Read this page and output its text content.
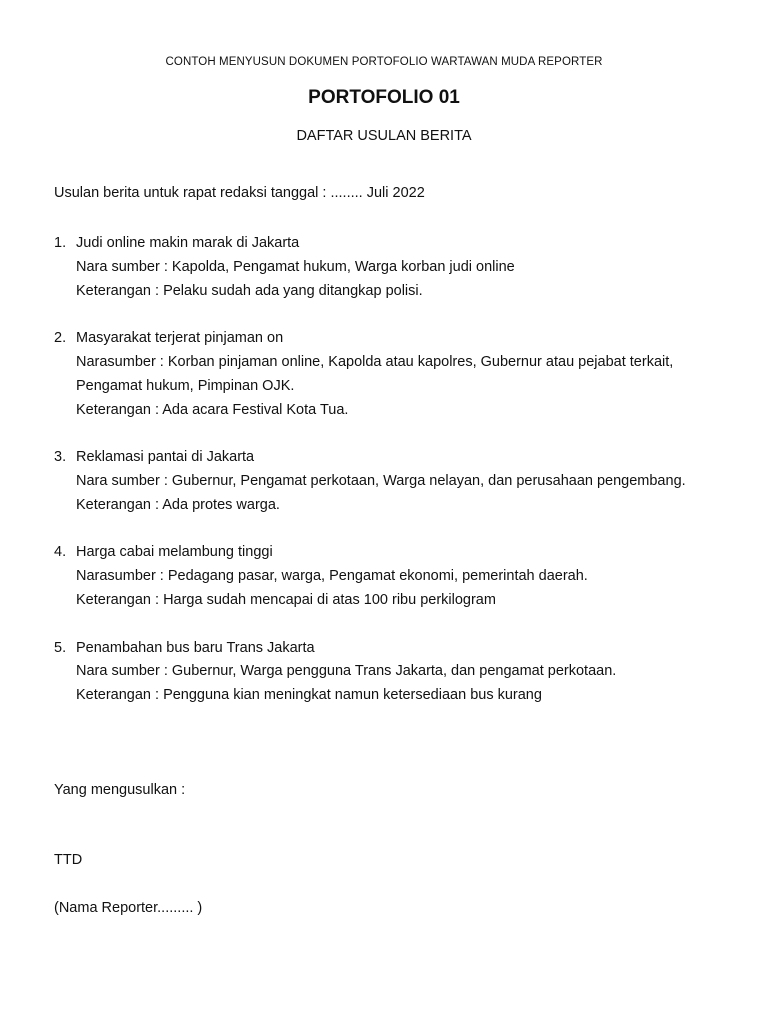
CONTOH MENYUSUN DOKUMEN PORTOFOLIO WARTAWAN MUDA REPORTER
PORTOFOLIO 01
DAFTAR USULAN BERITA
Usulan berita untuk rapat redaksi tanggal : ........ Juli 2022
1. Judi online makin marak di Jakarta
Nara sumber : Kapolda, Pengamat hukum, Warga korban judi online
Keterangan : Pelaku sudah ada yang ditangkap polisi.
2. Masyarakat terjerat pinjaman on
Narasumber : Korban pinjaman online, Kapolda atau kapolres, Gubernur atau pejabat terkait, Pengamat hukum, Pimpinan OJK.
Keterangan : Ada acara Festival Kota Tua.
3. Reklamasi pantai di Jakarta
Nara sumber : Gubernur, Pengamat perkotaan, Warga nelayan, dan perusahaan pengembang.
Keterangan : Ada protes warga.
4. Harga cabai melambung tinggi
Narasumber : Pedagang pasar, warga, Pengamat ekonomi, pemerintah daerah.
Keterangan : Harga sudah mencapai di atas 100 ribu perkilogram
5. Penambahan bus baru Trans Jakarta
Nara sumber : Gubernur, Warga pengguna Trans Jakarta, dan pengamat perkotaan.
Keterangan : Pengguna kian meningkat namun ketersediaan bus kurang
Yang mengusulkan :
TTD
(Nama Reporter......... )
